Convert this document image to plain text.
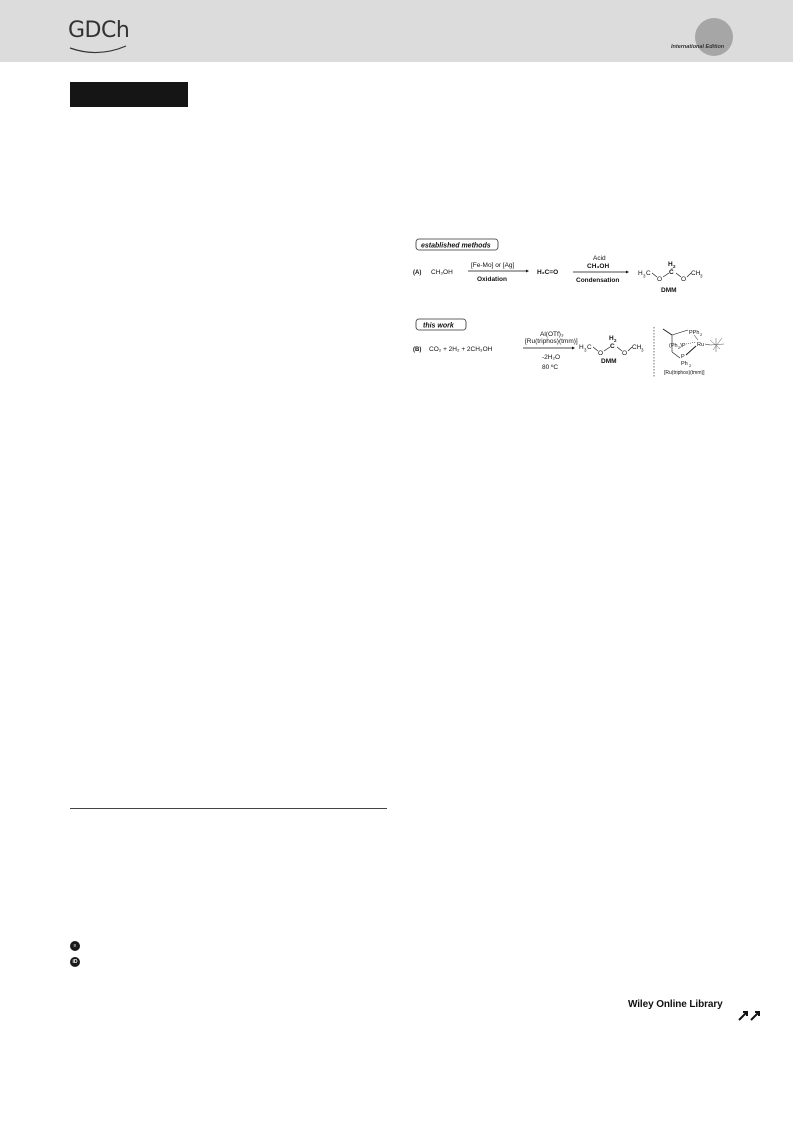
GDCh
International Edition
established methods
(A) CH₃OH
[Fe-Mo] or [Ag]
Oxidation
H₂C=O
Acid
CH₃OH
Condensation
H 3 C
O
C
H 2
O
CH 3
DMM
this work
(B) CO₂ + 2H₂ + 2CH₃OH
Al(OTf)₃
[Ru(triphos)(tmm)]
-2H₂O
80 ºC
H 3 C
O
C
H 2
O
CH 3
DMM
PPh 2
(Ph 2 )P Ru
P
Ph 2
[Ru(triphos)(tmm)]
≡
iD
Wiley Online Library
